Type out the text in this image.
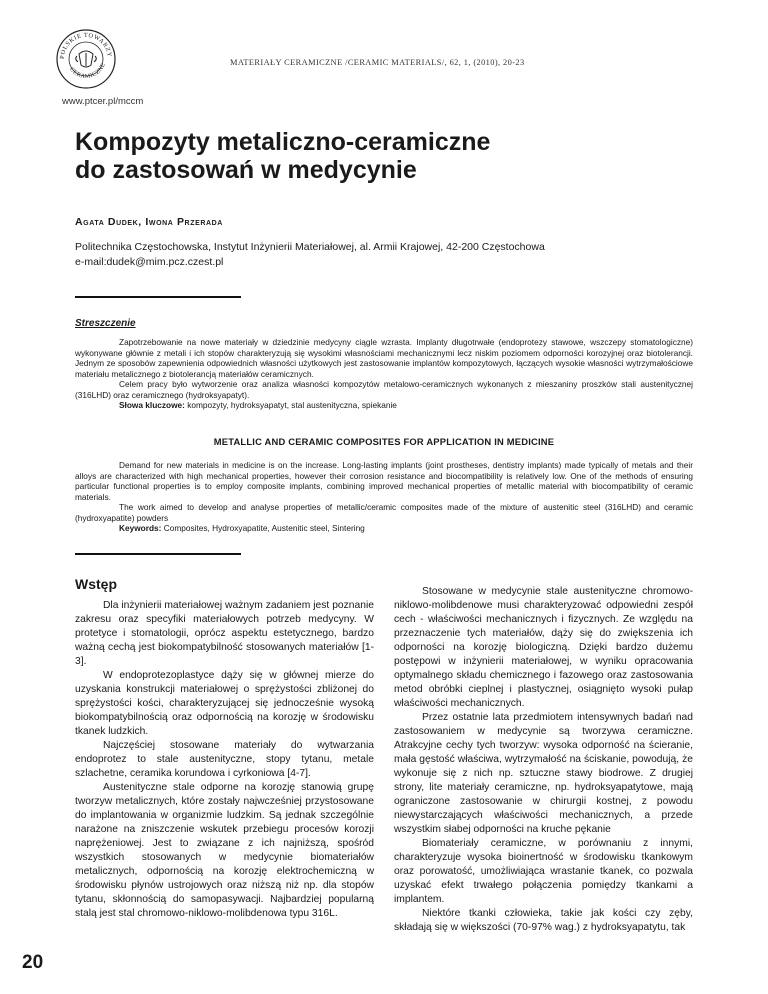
POLSKIE TOWARZY
CERAMICZNE	MATERIAŁY CERAMICZNE /CERAMIC MATERIALS/, 62, 1, (2010), 20-23
www.ptcer.pl/mccm
Kompozyty metaliczno-ceramiczne
do zastosowań w medycynie
Agata Dudek, Iwona Przerada
Politechnika Częstochowska, Instytut Inżynierii Materiałowej, al. Armii Krajowej, 42-200 Częstochowa
e-mail:dudek@mim.pcz.czest.pl
Streszczenie

Zapotrzebowanie na nowe materiały w dziedzinie medycyny ciągle wzrasta. Implanty długotrwałe (endoprotezy stawowe, wszczepy stomatologiczne) wykonywane głównie z metali i ich stopów charakteryzują się wysokimi własnościami mechanicznymi lecz niskim poziomem odporności korozyjnej oraz biotolerancji. Jednym ze sposobów zapewnienia odpowiednich własności użytkowych jest zastosowanie implantów kompozytowych, łączących wysokie własności wytrzymałościowe materiału metalicznego z biotolerancją materiałów ceramicznych.

Celem pracy było wytworzenie oraz analiza własności kompozytów metalowo-ceramicznych wykonanych z mieszaniny proszków stali austenitycznej (316LHD) oraz ceramicznego (hydroksyapatyt).

Słowa kluczowe: kompozyty, hydroksyapatyt, stal austenityczna, spiekanie

METALLIC AND CERAMIC COMPOSITES FOR APPLICATION IN MEDICINE

Demand for new materials in medicine is on the increase. Long-lasting implants (joint prostheses, dentistry implants) made typically of metals and their alloys are characterized with high mechanical properties, however their corrosion resistance and biocompatibility is relatively low. One of the methods of ensuring particular functional properties is to employ composite implants, combining improved mechanical properties of metallic material with biocompatibility of ceramic materials.

The work aimed to develop and analyse properties of metallic/ceramic composites made of the mixture of austenitic steel (316LHD) and ceramic (hydroxyapatite) powders

Keywords: Composites, Hydroxyapatite, Austenitic steel, Sintering

Wstęp

Dla inżynierii materiałowej ważnym zadaniem jest poznanie zakresu oraz specyfiki materiałowych potrzeb medycyny. W protetyce i stomatologii, oprócz aspektu estetycznego, bardzo ważną cechą jest biokompatybilność stosowanych materiałów [1-3].

W endoprotezoplastyce dąży się w głównej mierze do uzyskania konstrukcji materiałowej o sprężystości zbliżonej do sprężystości kości, charakteryzującej się jednocześnie wysoką biokompatybilnością oraz odpornością na korozję w środowisku tkanek ludzkich.

Najczęściej stosowane materiały do wytwarzania endoprotez to stale austenityczne, stopy tytanu, metale szlachetne, ceramika korundowa i cyrkoniowa [4-7].

Austenityczne stale odporne na korozję stanowią grupę tworzyw metalicznych, które zostały najwcześniej przystosowane do implantowania w organizmie ludzkim. Są jednak szczególnie narażone na zniszczenie wskutek przebiegu procesów korozji naprężeniowej. Jest to związane z ich najniższą, spośród wszystkich stosowanych w medycynie biomateriałów metalicznych, odpornością na korozję elektrochemiczną w środowisku płynów ustrojowych oraz niższą niż np. dla stopów tytanu, skłonnością do samopasywacji. Najbardziej popularną stalą jest stal chromowo-niklowo-molibdenowa typu 316L.

Stosowane w medycynie stale austenityczne chromowo-niklowo-molibdenowe musi charakteryzować odpowiedni zespół cech - właściwości mechanicznych i fizycznych. Ze względu na przeznaczenie tych materiałów, dąży się do zwiększenia ich odporności na korozję biologiczną. Dzięki bardzo dużemu postępowi w inżynierii materiałowej, w wyniku opracowania optymalnego składu chemicznego i fazowego oraz zastosowania metod obróbki cieplnej i plastycznej, osiągnięto wysoki pułap właściwości mechanicznych.

Przez ostatnie lata przedmiotem intensywnych badań nad zastosowaniem w medycynie są tworzywa ceramiczne. Atrakcyjne cechy tych tworzyw: wysoka odporność na ścieranie, mała gęstość właściwa, wytrzymałość na ściskanie, powodują, że wykonuje się z nich np. sztuczne stawy biodrowe. Z drugiej strony, lite materiały ceramiczne, np. hydroksyapatytowe, mają ograniczone zastosowanie w chirurgii kostnej, z powodu niewystarczających właściwości mechanicznych, a przede wszystkim słabej odporności na kruche pękanie

Biomateriały ceramiczne, w porównaniu z innymi, charakteryzuje wysoka bioinertność w środowisku tkankowym oraz porowatość, umożliwiająca wrastanie tkanek, co pozwala uzyskać efekt trwałego połączenia pomiędzy tkankami a implantem.

Niektóre tkanki człowieka, takie jak kości czy zęby, składają się w większości (70-97% wag.) z hydroksyapatytu, tak

20
